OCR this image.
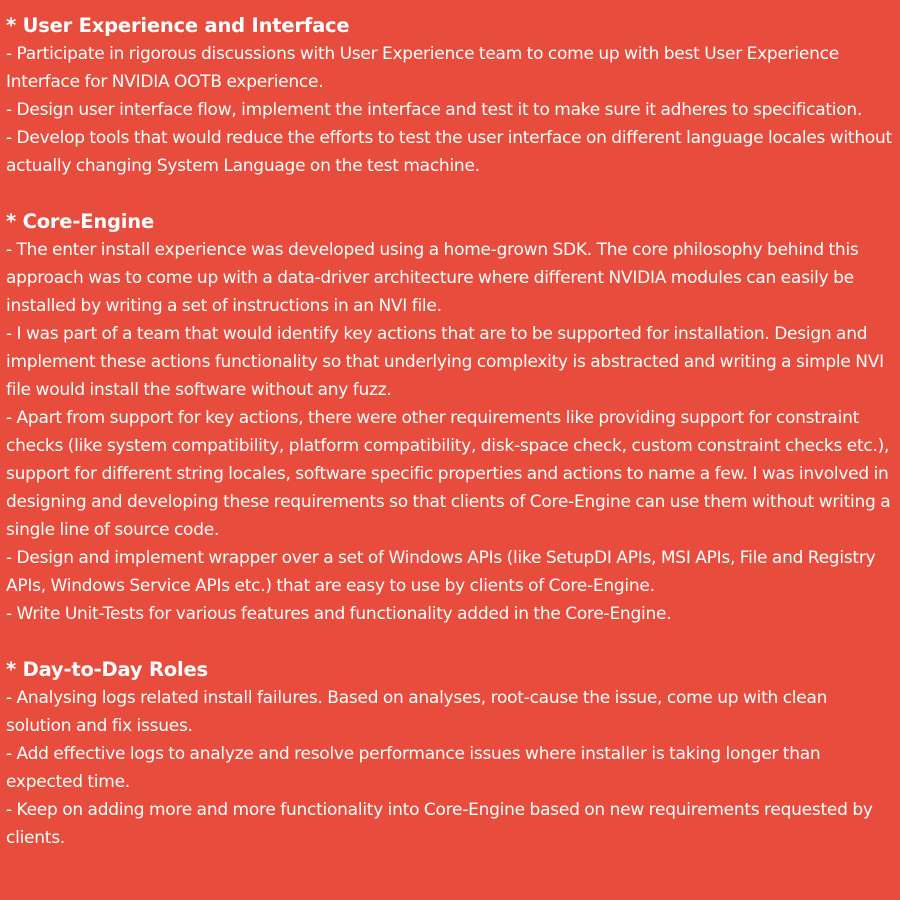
* User Experience and Interface
- Participate in rigorous discussions with User Experience team to come up with best User Experience Interface for NVIDIA OOTB experience.
- Design user interface flow, implement the interface and test it to make sure it adheres to specification.
- Develop tools that would reduce the efforts to test the user interface on different language locales without actually changing System Language on the test machine.
* Core-Engine
- The enter install experience was developed using a home-grown SDK. The core philosophy behind this approach was to come up with a data-driver architecture where different NVIDIA modules can easily be installed by writing a set of instructions in an NVI file.
- I was part of a team that would identify key actions that are to be supported for installation. Design and implement these actions functionality so that underlying complexity is abstracted and writing a simple NVI file would install the software without any fuzz.
- Apart from support for key actions, there were other requirements like providing support for constraint checks (like system compatibility, platform compatibility, disk-space check, custom constraint checks etc.), support for different string locales, software specific properties and actions to name a few. I was involved in designing and developing these requirements so that clients of Core-Engine can use them without writing a single line of source code.
- Design and implement wrapper over a set of Windows APIs (like SetupDI APIs, MSI APIs, File and Registry APIs, Windows Service APIs etc.) that are easy to use by clients of Core-Engine.
- Write Unit-Tests for various features and functionality added in the Core-Engine.
* Day-to-Day Roles
- Analysing logs related install failures. Based on analyses, root-cause the issue, come up with clean solution and fix issues.
- Add effective logs to analyze and resolve performance issues where installer is taking longer than expected time.
- Keep on adding more and more functionality into Core-Engine based on new requirements requested by clients.
